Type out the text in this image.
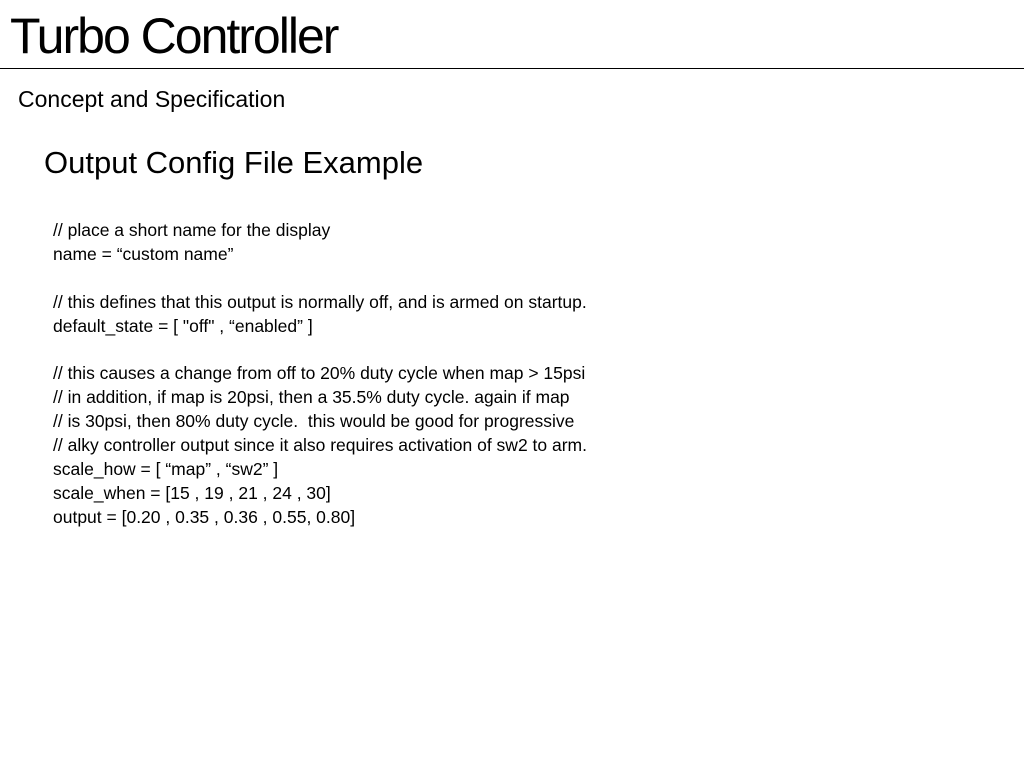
Turbo Controller
Concept and Specification
Output Config File Example
// place a short name for the display
name = “custom name”
// this defines that this output is normally off, and is armed on startup.
default_state = [ "off" , “enabled” ]
// this causes a change from off to 20% duty cycle when map > 15psi
// in addition, if map is 20psi, then a 35.5% duty cycle. again if map
// is 30psi, then 80% duty cycle.  this would be good for progressive
// alky controller output since it also requires activation of sw2 to arm.
scale_how = [ “map” , “sw2” ]
scale_when = [15 , 19 , 21 , 24 , 30]
output = [0.20 , 0.35 , 0.36 , 0.55, 0.80]
